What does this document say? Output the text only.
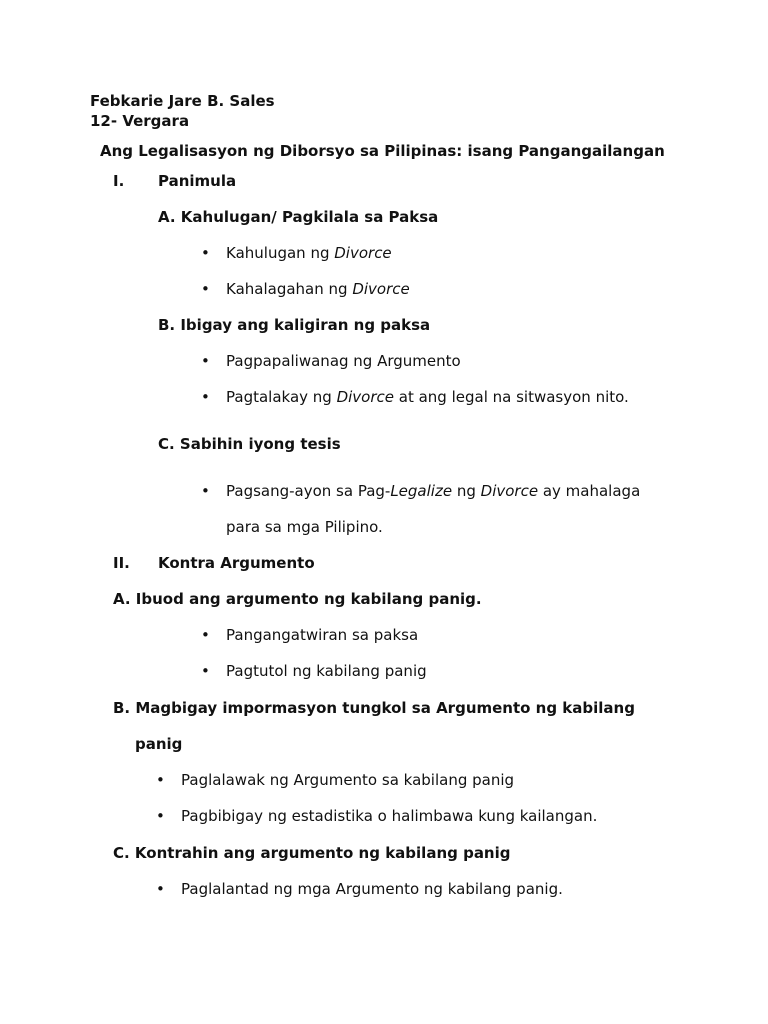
Febkarie Jare B. Sales
12- Vergara
Ang Legalisasyon ng Diborsyo sa Pilipinas: isang Pangangailangan
I. Panimula
A. Kahulugan/ Pagkilala sa Paksa
• Kahulugan ng Divorce
• Kahalagahan ng Divorce
B. Ibigay ang kaligiran ng paksa
• Pagpapaliwanag ng Argumento
• Pagtalakay ng Divorce at ang legal na sitwasyon nito.
C. Sabihin iyong tesis
• Pagsang-ayon sa Pag-Legalize ng Divorce ay mahalaga
para sa mga Pilipino.
II. Kontra Argumento
A. Ibuod ang argumento ng kabilang panig.
• Pangangatwiran sa paksa
• Pagtutol ng kabilang panig
B. Magbigay impormasyon tungkol sa Argumento ng kabilang
panig
• Paglalawak ng Argumento sa kabilang panig
• Pagbibigay ng estadistika o halimbawa kung kailangan.
C. Kontrahin ang argumento ng kabilang panig
• Paglalantad ng mga Argumento ng kabilang panig.
